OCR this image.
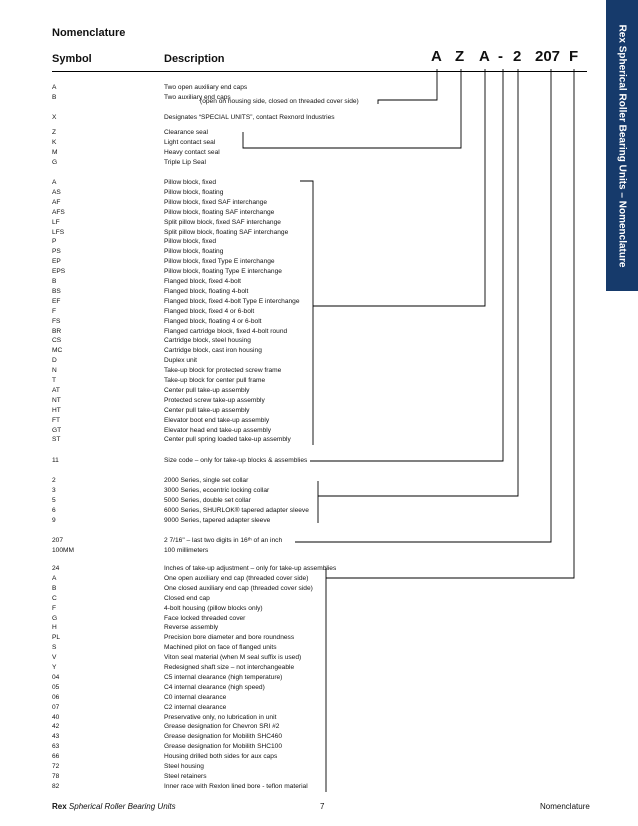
Rex Spherical Roller Bearing Units – Nomenclature
Nomenclature
Symbol	Description	A Z A - 2 207 F
A	Two open auxiliary end caps
B	Two auxiliary end caps
X	Designates “SPECIAL UNITS”, contact Rexnord Industries
Z	Clearance seal
K	Light contact seal
M	Heavy contact seal
G	Triple Lip Seal
A	Pillow block, fixed
AS	Pillow block, floating
AF	Pillow block, fixed SAF interchange
AFS	Pillow block, floating SAF interchange
LF	Split pillow block, fixed SAF interchange
LFS	Split pillow block, floating SAF interchange
P	Pillow block, fixed
PS	Pillow block, floating
EP	Pillow block, fixed Type E interchange
EPS	Pillow block, floating Type E interchange
B	Flanged block, fixed 4-bolt
BS	Flanged block, floating 4-bolt
EF	Flanged block, fixed 4-bolt Type E interchange
F	Flanged block, fixed 4 or 6-bolt
FS	Flanged block, floating 4 or 6-bolt
BR	Flanged cartridge block, fixed 4-bolt round
CS	Cartridge block, steel housing
MC	Cartridge block, cast iron housing
D	Duplex unit
N	Take-up block for protected screw frame
T	Take-up block for center pull frame
AT	Center pull take-up assembly
NT	Protected screw take-up assembly
HT	Center pull take-up assembly
FT	Elevator boot end take-up assembly
GT	Elevator head end take-up assembly
ST	Center pull spring loaded take-up assembly
11	Size code – only for take-up blocks & assemblies
2	2000 Series, single set collar
3	3000 Series, eccentric locking collar
5	5000 Series, double set collar
6	6000 Series, SHURLOK® tapered adapter sleeve
9	9000 Series, tapered adapter sleeve
207	2 7/16" – last two digits in 16ᵗʰ of an inch
100MM	100 millimeters
24	Inches of take-up adjustment – only for take-up assemblies
A	One open auxiliary end cap (threaded cover side)
B	One closed auxiliary end cap (threaded cover side)
C	Closed end cap
F	4-bolt housing (pillow blocks only)
G	Face locked threaded cover
H	Reverse assembly
PL	Precision bore diameter and bore roundness
S	Machined pilot on face of flanged units
V	Viton seal material (when M seal suffix is used)
Y	Redesigned shaft size – not interchangeable
04	C5 internal clearance (high temperature)
05	C4 internal clearance (high speed)
06	C0 internal clearance
07	C2 internal clearance
40	Preservative only, no lubrication in unit
42	Grease designation for Chevron SRI #2
43	Grease designation for Mobilith SHC460
63	Grease designation for Mobilith SHC100
66	Housing drilled both sides for aux caps
72	Steel housing
78	Steel retainers
82	Inner race with Rexlon lined bore - teflon material
(open on housing side, closed on threaded cover side)
Rex Spherical Roller Bearing Units	7	Nomenclature
